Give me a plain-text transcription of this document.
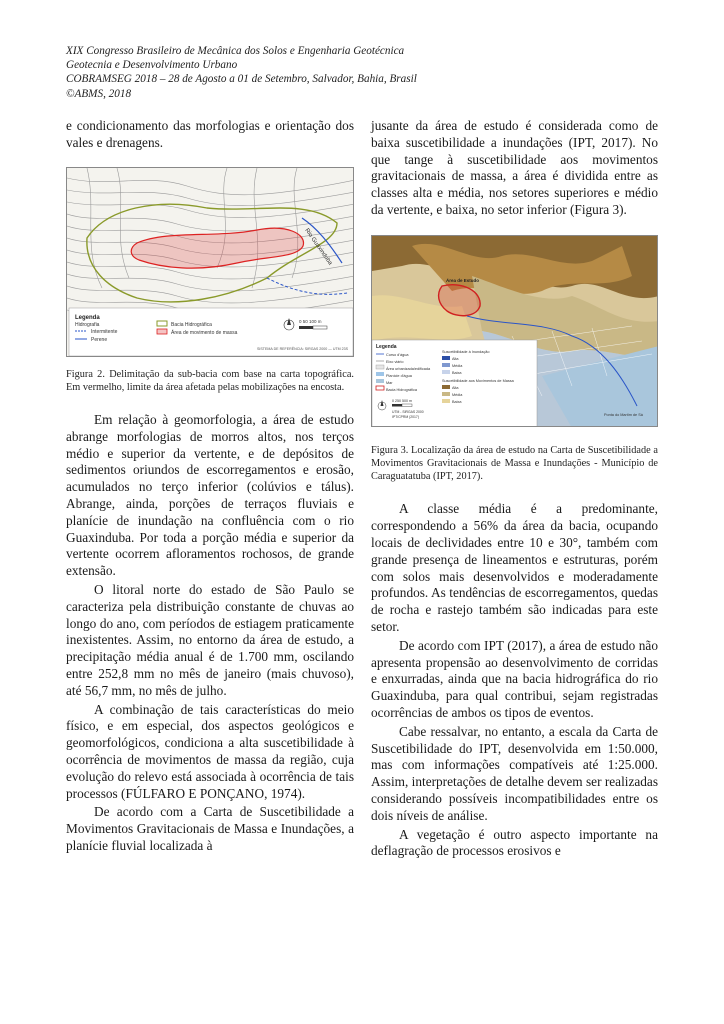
XIX Congresso Brasileiro de Mecânica dos Solos e Engenharia Geotécnica
Geotecnia e Desenvolvimento Urbano
COBRAMSEG 2018 – 28 de Agosto a 01 de Setembro, Salvador, Bahia, Brasil
©ABMS, 2018

e condicionamento das morfologias e orientação dos vales e drenagens.

Rio Guaxinduba
Legenda
Hidrografia
Intermitente
Perene
Bacia Hidrográfica
Área de movimento de massa
0 50 100 m
SISTEMA DE REFERÊNCIA: SIRGAS 2000 — UTM 23S

Figura 2. Delimitação da sub-bacia com base na carta topográfica. Em vermelho, limite da área afetada pelas mobilizações na encosta.

Em relação à geomorfologia, a área de estudo abrange morfologias de morros altos, nos terços médio e superior da vertente, e de depósitos de sedimentos oriundos de escorregamentos e erosão, acumulados no terço inferior (colúvios e tálus). Abrange, ainda, porções de terraços fluviais e planície de inundação na confluência com o rio Guaxinduba. Por toda a porção média e superior da vertente ocorrem afloramentos rochosos, de grande extensão.

O litoral norte do estado de São Paulo se caracteriza pela distribuição constante de chuvas ao longo do ano, com períodos de estiagem praticamente inexistentes. Assim, no entorno da área de estudo, a precipitação média anual é de 1.700 mm, oscilando entre 252,8 mm no mês de janeiro (mais chuvoso), até 56,7 mm, no mês de julho.

A combinação de tais características do meio físico, e em especial, dos aspectos geológicos e geomorfológicos, condiciona a alta suscetibilidade à ocorrência de movimentos de massa da região, cuja evolução do relevo está associada à ocorrência de tais processos (FÚLFARO E PONÇANO, 1974).

De acordo com a Carta de Suscetibilidade a Movimentos Gravitacionais de Massa e Inundações, a planície fluvial localizada à

jusante da área de estudo é considerada como de baixa suscetibilidade a inundações (IPT, 2017). No que tange à suscetibilidade aos movimentos gravitacionais de massa, a área é dividida entre as classes alta e média, nos setores superiores e médio da vertente, e baixa, no setor inferior (Figura 3).

Área de Estudo
Legenda
Curso d'água
Eixo viário
Área urbanizada/edificada
Planície d'água
Mar
Bacia Hidrográfica
Suscetibilidade à Inundação
Alta
Média
Baixa
Suscetibilidade aos Movimentos de Massa
Alta
Média
Baixa
0 250 500 m
UTM - SIRGAS 2000
IPT/CPRM (2017)	Ponta do Martim de Sá

Figura 3. Localização da área de estudo na Carta de Suscetibilidade a Movimentos Gravitacionais de Massa e Inundações - Município de Caraguatatuba (IPT, 2017).

A classe média é a predominante, correspondendo a 56% da área da bacia, ocupando locais de declividades entre 10 e 30°, também com grande presença de lineamentos e estruturas, porém com solos mais desenvolvidos e moderadamente profundos. As tendências de escorregamentos, quedas de rocha e rastejo também são indicadas para este setor.

De acordo com IPT (2017), a área de estudo não apresenta propensão ao desenvolvimento de corridas e enxurradas, ainda que na bacia hidrográfica do rio Guaxinduba, para qual contribui, sejam registradas ocorrências de ambos os tipos de eventos.

Cabe ressalvar, no entanto, a escala da Carta de Suscetibilidade do IPT, desenvolvida em 1:50.000, mas com informações compatíveis até 1:25.000. Assim, interpretações de detalhe devem ser realizadas considerando possíveis incompatibilidades entre os dois níveis de análise.

A vegetação é outro aspecto importante na deflagração de processos erosivos e
